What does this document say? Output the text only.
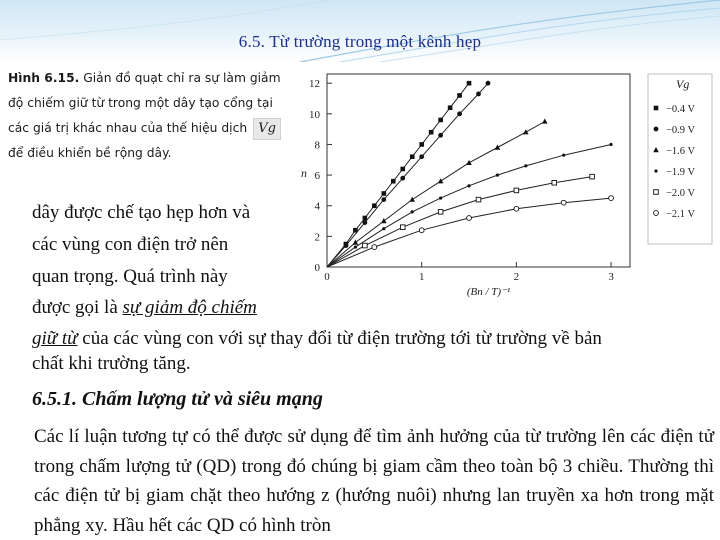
6.5. Từ trường trong một kênh hẹp
Hình 6.15. Giản đồ quạt chỉ ra sự làm giảm độ chiếm giữ từ trong một dây tạo cổng tại các giá trị khác nhau của thế hiệu dịch Vg để điều khiển bề rộng dây.
0	1	2	3
0
2
4
6
8
10
12
(Bn / T)⁻¹
n
Vg
−0.4 V
−0.9 V
−1.6 V
−1.9 V
−2.0 V
−2.1 V
dây được chế tạo hẹp hơn và
các vùng con điện trở nên
quan trọng. Quá trình này
được gọi là sự giảm độ chiếm
giữ từ của các vùng con với sự thay đổi từ điện trường tới từ trường về bản
chất khi trường tăng.
6.5.1. Chấm lượng tử và siêu mạng
Các lí luận tương tự có thể được sử dụng để tìm ảnh hưởng của từ trường lên các điện tử trong chấm lượng tử (QD) trong đó chúng bị giam cầm theo toàn bộ 3 chiều. Thường thì các điện tử bị giam chặt theo hướng z (hướng nuôi) nhưng lan truyền xa hơn trong mặt phẳng xy. Hầu hết các QD có hình tròn
